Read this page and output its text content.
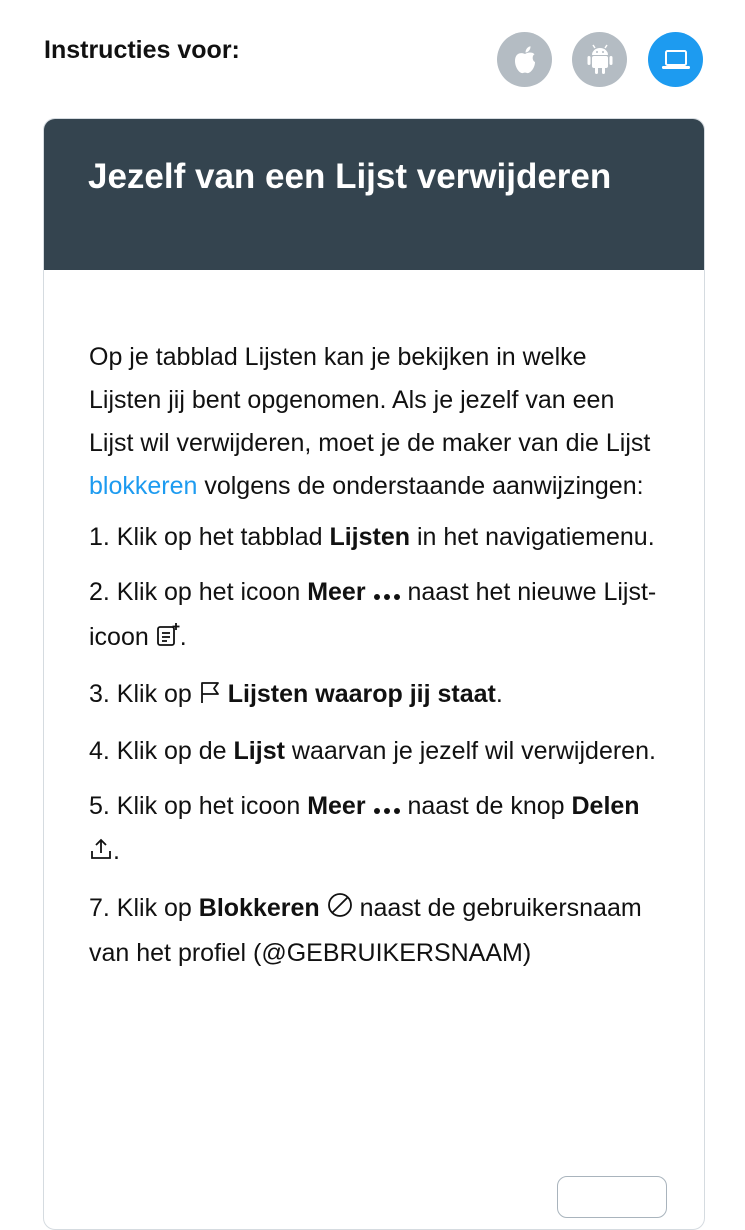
Instructies voor:
Jezelf van een Lijst verwijderen

Op je tabblad Lijsten kan je bekijken in welke Lijsten jij bent opgenomen. Als je jezelf van een Lijst wil verwijderen, moet je de maker van die Lijst blokkeren volgens de onderstaande aanwijzingen:

1. Klik op het tabblad Lijsten in het navigatiemenu.

2. Klik op het icoon Meer  naast het nieuwe Lijst-icoon .

3. Klik op  Lijsten waarop jij staat.

4. Klik op de Lijst waarvan je jezelf wil verwijderen.

5. Klik op het icoon Meer  naast de knop Delen .

7. Klik op Blokkeren  naast de gebruikersnaam van het profiel (@GEBRUIKERSNAAM)
